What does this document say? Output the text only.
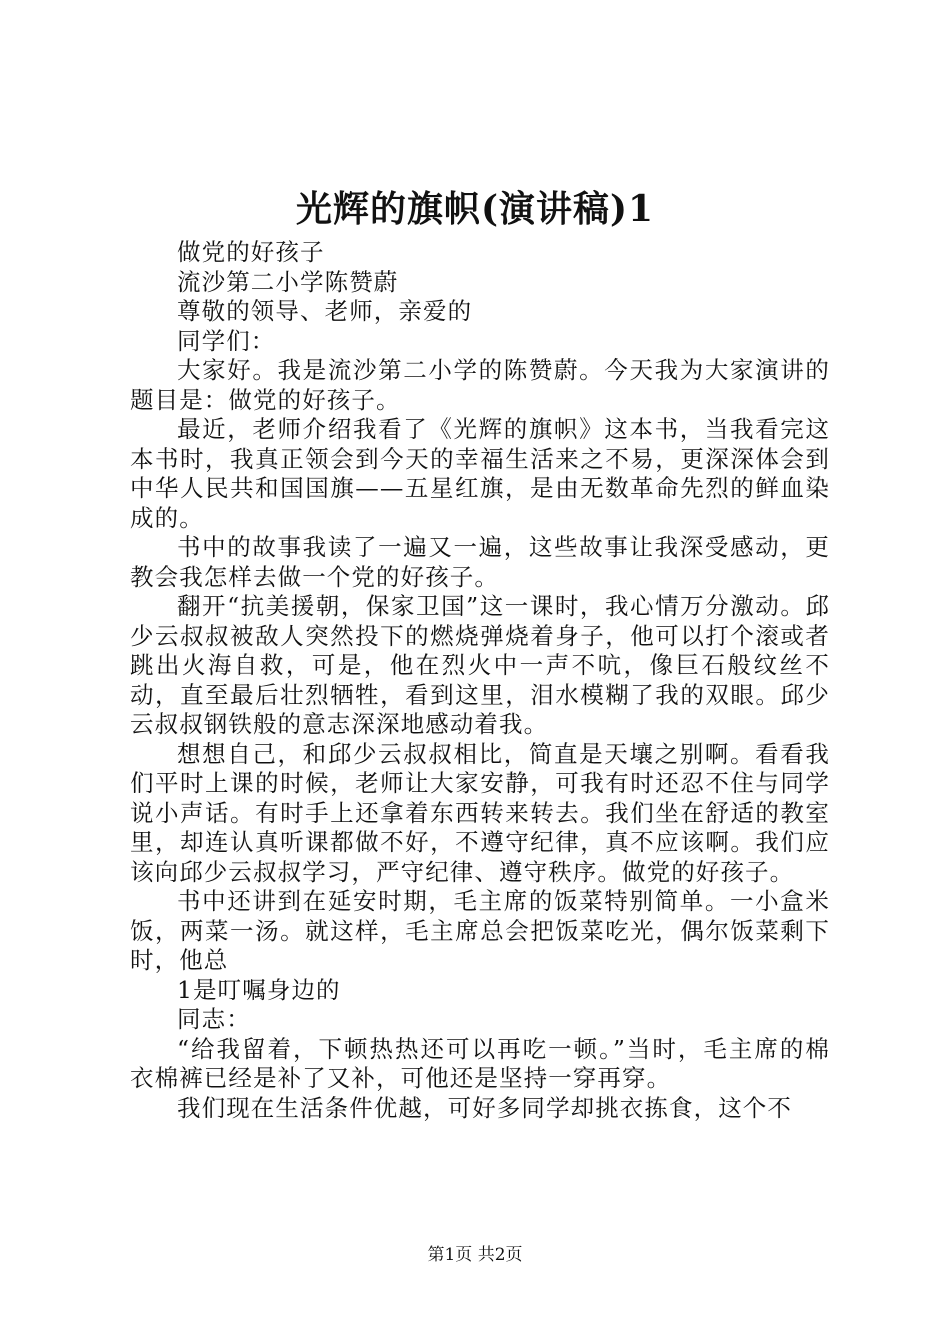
光辉的旗帜(演讲稿)1

做党的好孩子

流沙第二小学陈赞蔚

尊敬的领导、老师，亲爱的

同学们：

大家好。我是流沙第二小学的陈赞蔚。今天我为大家演讲的题目是：做党的好孩子。

最近，老师介绍我看了《光辉的旗帜》这本书，当我看完这本书时，我真正领会到今天的幸福生活来之不易，更深深体会到中华人民共和国国旗——五星红旗，是由无数革命先烈的鲜血染成的。

书中的故事我读了一遍又一遍，这些故事让我深受感动，更教会我怎样去做一个党的好孩子。

翻开“抗美援朝，保家卫国”这一课时，我心情万分激动。邱少云叔叔被敌人突然投下的燃烧弹烧着身子，他可以打个滚或者跳出火海自救，可是，他在烈火中一声不吭，像巨石般纹丝不动，直至最后壮烈牺牲，看到这里，泪水模糊了我的双眼。邱少云叔叔钢铁般的意志深深地感动着我。

想想自己，和邱少云叔叔相比，简直是天壤之别啊。看看我们平时上课的时候，老师让大家安静，可我有时还忍不住与同学说小声话。有时手上还拿着东西转来转去。我们坐在舒适的教室里，却连认真听课都做不好，不遵守纪律，真不应该啊。我们应该向邱少云叔叔学习，严守纪律、遵守秩序。做党的好孩子。

书中还讲到在延安时期，毛主席的饭菜特别简单。一小盒米饭，两菜一汤。就这样，毛主席总会把饭菜吃光，偶尔饭菜剩下时，他总

1是叮嘱身边的

同志：

“给我留着，下顿热热还可以再吃一顿。”当时，毛主席的棉衣棉裤已经是补了又补，可他还是坚持一穿再穿。

我们现在生活条件优越，可好多同学却挑衣拣食，这个不

第1页 共2页
